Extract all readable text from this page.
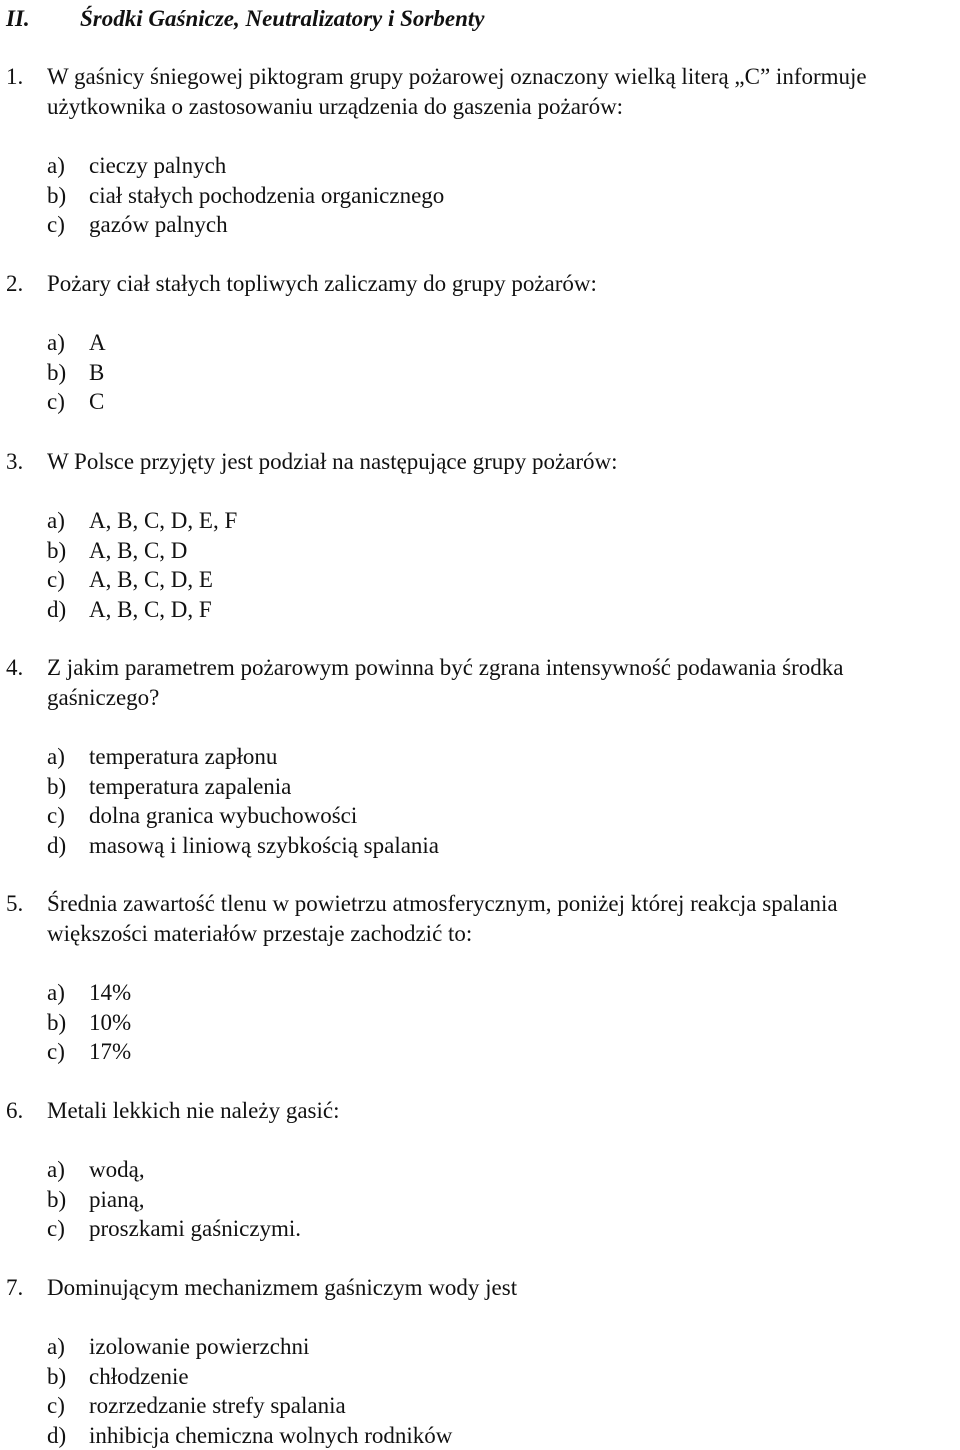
II. Środki Gaśnicze, Neutralizatory i Sorbenty
1. W gaśnicy śniegowej piktogram grupy pożarowej oznaczony wielką literą „C” informuje
użytkownika o zastosowaniu urządzenia do gaszenia pożarów:
a) cieczy palnych
b) ciał stałych pochodzenia organicznego
c) gazów palnych
2. Pożary ciał stałych topliwych zaliczamy do grupy pożarów:
a) A
b) B
c) C
3. W Polsce przyjęty jest podział na następujące grupy pożarów:
a) A, B, C, D, E, F
b) A, B, C, D
c) A, B, C, D, E
d) A, B, C, D, F
4. Z jakim parametrem pożarowym powinna być zgrana intensywność podawania środka
gaśniczego?
a) temperatura zapłonu
b) temperatura zapalenia
c) dolna granica wybuchowości
d) masową i liniową szybkością spalania
5. Średnia zawartość tlenu w powietrzu atmosferycznym, poniżej której reakcja spalania
większości materiałów przestaje zachodzić to:
a) 14%
b) 10%
c) 17%
6. Metali lekkich nie należy gasić:
a) wodą,
b) pianą,
c) proszkami gaśniczymi.
7. Dominującym mechanizmem gaśniczym wody jest
a) izolowanie powierzchni
b) chłodzenie
c) rozrzedzanie strefy spalania
d) inhibicja chemiczna wolnych rodników
